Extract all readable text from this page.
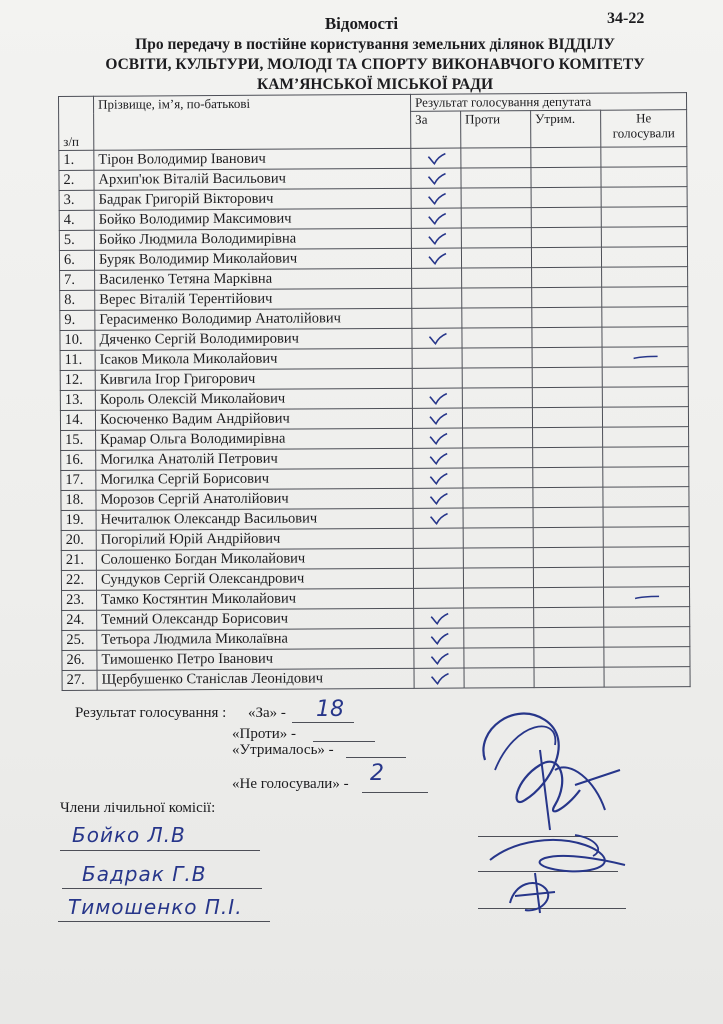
Відомості	34-22
Про передачу в постійне користування земельних ділянок ВІДДІЛУ
ОСВІТИ, КУЛЬТУРИ, МОЛОДІ ТА СПОРТУ ВИКОНАВЧОГО КОМІТЕТУ
КАМ’ЯНСЬКОЇ МІСЬКОЇ РАДИ
з/п	Прізвище, ім’я, по-батькові	Результат голосування депутата			
		За	Проти	Утрим.	Не голосували
1.	Тірон Володимир Іванович	

2.	Архип'юк Віталій Васильович	

3.	Бадрак Григорій Вікторович	

4.	Бойко Володимир Максимович	

5.	Бойко Людмила Володимирівна	

6.	Буряк Володимир Миколайович	

7.	Василенко Тетяна Марківна				
8.	Верес Віталій Терентійович				
9.	Герасименко Володимир Анатолійович				
10.	Дяченко Сергій Володимирович	

11.	Ісаков Микола Миколайович				

12.	Кивгила Ігор Григорович				
13.	Король Олексій Миколайович	

14.	Косюченко Вадим Андрійович	

15.	Крамар Ольга Володимирівна	

16.	Могилка Анатолій Петрович	

17.	Могилка Сергій Борисович	

18.	Морозов Сергій Анатолійович	

19.	Нечиталюк Олександр Васильович	

20.	Погорілий Юрій Андрійович				
21.	Солошенко Богдан Миколайович				
22.	Сундуков Сергій Олександрович				
23.	Тамко Костянтин Миколайович				

24.	Темний Олександр Борисович	

25.	Тетьора Людмила Миколаївна	

26.	Тимошенко Петро Іванович	

27.	Щербушенко Станіслав Леонідович	

Результат голосування : «За» - 18
«Проти» -
«Утрималось» -
«Не голосували» - 2
Члени лічильної комісії:
Бойко Л.В
Бадрак Г.В
Тимошенко П.І.
